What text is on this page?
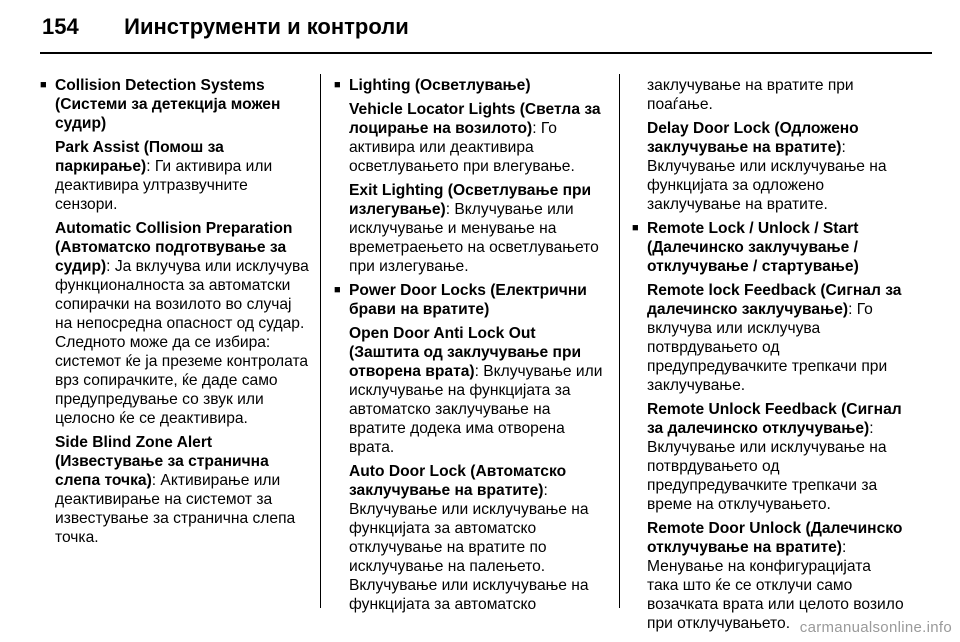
154 Иинструменти и контроли
■ Collision Detection Systems (Системи за детекција можен судир)
Park Assist (Помош за паркирање): Ги активира или деактивира ултразвучните сензори.
Automatic Collision Preparation (Автоматско подготвување за судир): Ја вклучува или исклучува функционалноста за автоматски сопирачки на возилото во случај на непосредна опасност од судар. Следното може да се избира: системот ќе ја преземе контролата врз сопирачките, ќе даде само предупредување со звук или целосно ќе се деактивира.
Side Blind Zone Alert (Известување за странична слепа точка): Активирање или деактивирање на системот за известување за странична слепа точка.
■ Lighting (Осветлување)
Vehicle Locator Lights (Светла за лоцирање на возилото): Го активира или деактивира осветлувањето при влегување.
Exit Lighting (Осветлување при излегување): Вклучување или исклучување и менување на времетраењето на осветлувањето при излегување.
■ Power Door Locks (Електрични брави на вратите)
Open Door Anti Lock Out (Заштита од заклучување при отворена врата): Вклучување или исклучување на функцијата за автоматско заклучување на вратите додека има отворена врата.
Auto Door Lock (Автоматско заклучување на вратите): Вклучување или исклучување на функцијата за автоматско отклучување на вратите по исклучување на палењето. Вклучување или исклучување на функцијата за автоматско
заклучување на вратите при поаѓање.
Delay Door Lock (Одложено заклучување на вратите): Вклучување или исклучување на функцијата за одложено заклучување на вратите.
■ Remote Lock / Unlock / Start (Далечинско заклучување / отклучување / стартување)
Remote lock Feedback (Сигнал за далечинско заклучување): Го вклучува или исклучува потврдувањето од предупредувачките трепкачи при заклучување.
Remote Unlock Feedback (Сигнал за далечинско отклучување): Вклучување или исклучување на потврдувањето од предупредувачките трепкачи за време на отклучувањето.
Remote Door Unlock (Далечинско отклучување на вратите): Менување на конфигурацијата така што ќе се отклучи само возачката врата или целото возило при отклучувањето. carmanualsonline.info
